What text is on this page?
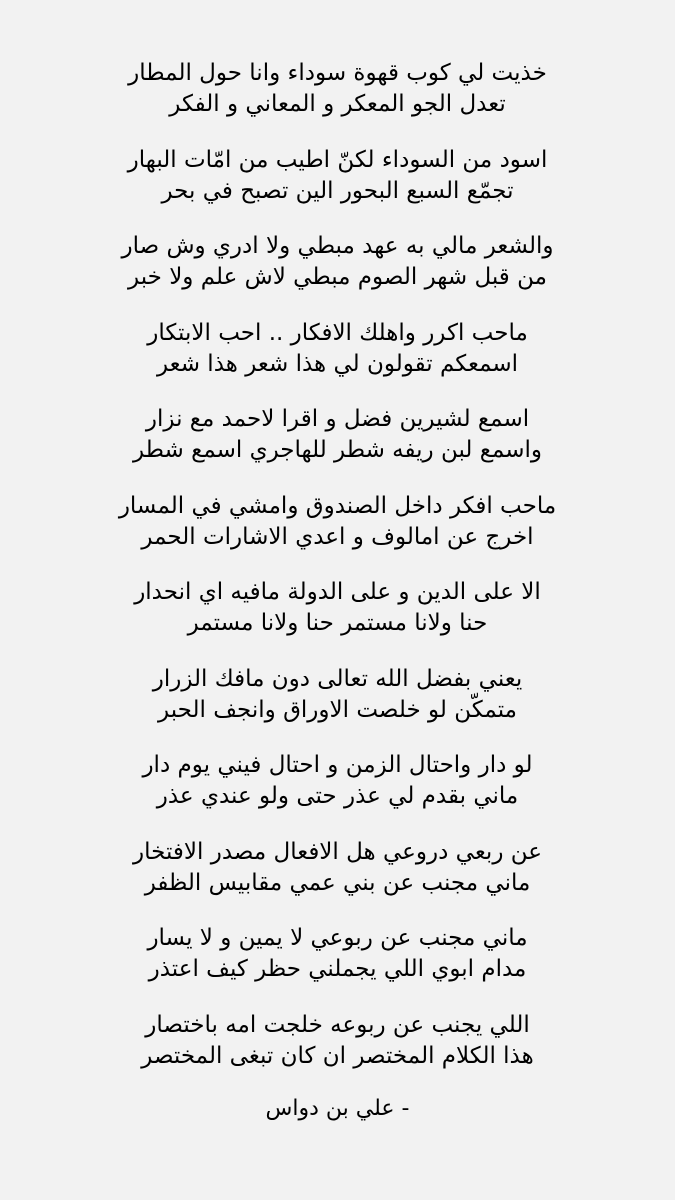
خذيت لي كوب قهوة سوداء وانا حول المطار
تعدل الجو المعكر و المعاني و الفكر
اسود من السوداء لكنّ اطيب من امّات البهار
تجمّع السبع البحور الين تصبح في بحر
والشعر مالي به عهد مبطي ولا ادري وش صار
من قبل شهر الصوم مبطي لاش علم ولا خبر
ماحب اكرر واهلك الافكار .. احب الابتكار
اسمعكم تقولون لي هذا شعر هذا شعر
اسمع لشيرين فضل و اقرا لاحمد مع نزار
واسمع لبن ريفه شطر للهاجري اسمع شطر
ماحب افكر داخل الصندوق وامشي في المسار
اخرج عن امالوف و اعدي الاشارات الحمر
الا على الدين و على الدولة مافيه اي انحدار
حنا ولانا مستمر حنا ولانا مستمر
يعني بفضل الله تعالى دون مافك الزرار
متمكّن لو خلصت الاوراق وانجف الحبر
لو دار واحتال الزمن و احتال فيني يوم دار
ماني بقدم لي عذر حتى ولو عندي عذر
عن ربعي دروعي هل الافعال مصدر الافتخار
ماني مجنب عن بني عمي مقابيس الظفر
ماني مجنب عن ربوعي لا يمين و لا يسار
مدام ابوي اللي يجملني حظر كيف اعتذر
اللي يجنب عن ربوعه خلجت امه باختصار
هذا الكلام المختصر ان كان تبغى المختصر
- علي بن دواس
